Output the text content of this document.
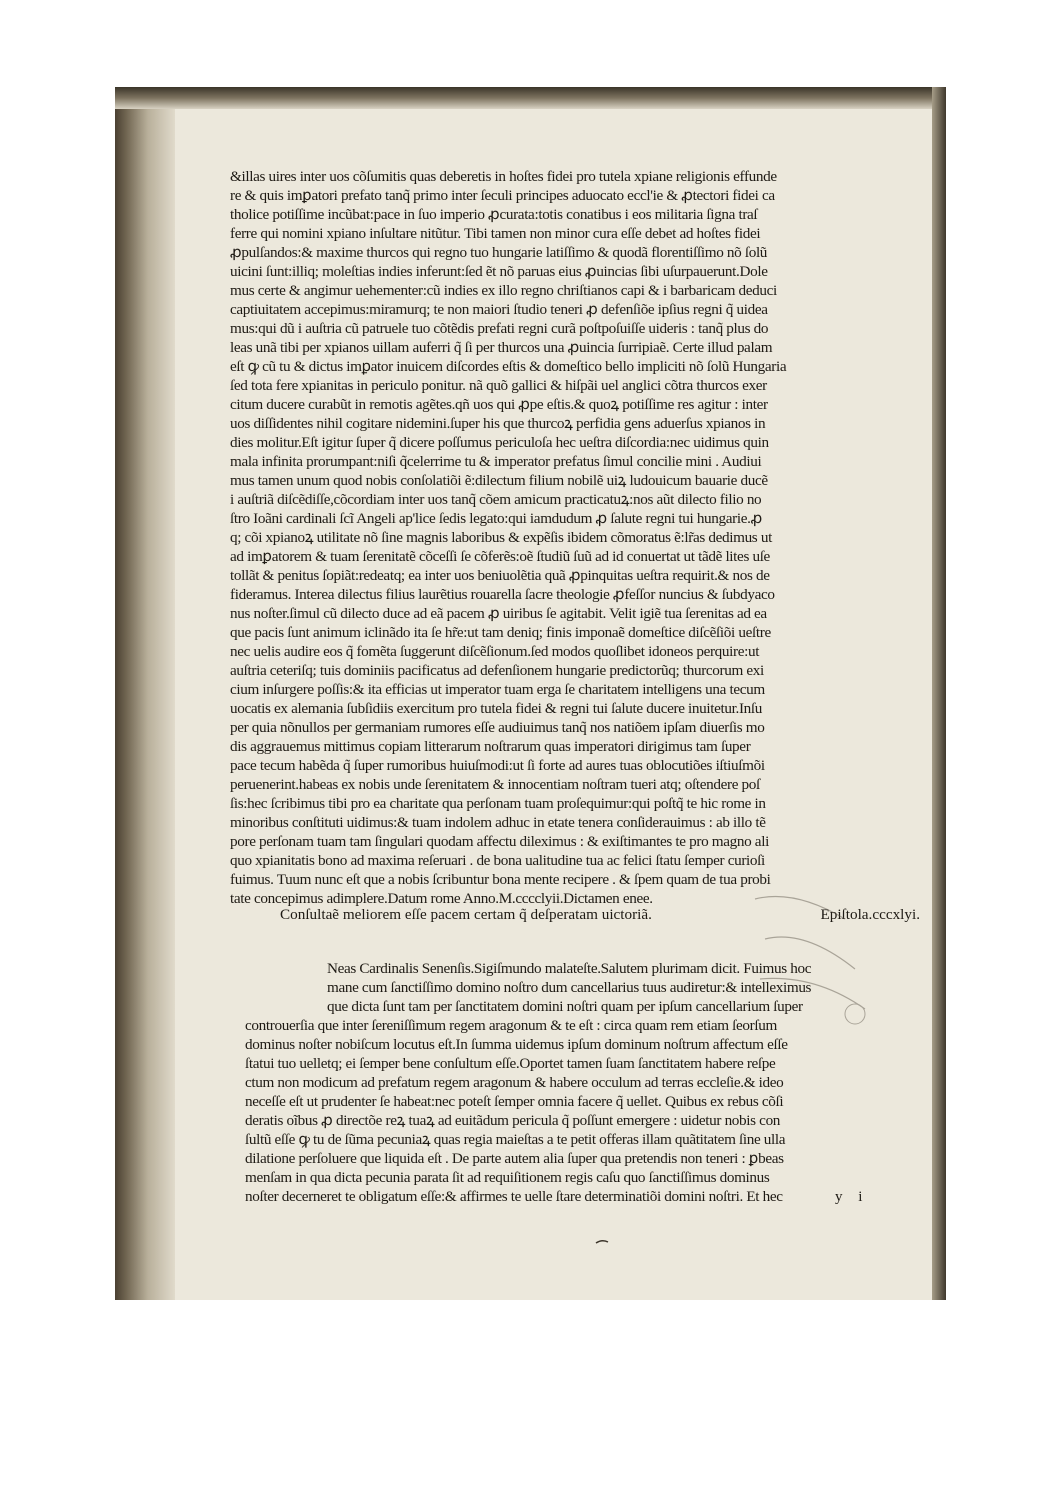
&illas uires inter uos cõſumitis quas deberetis in hoſtes fidei pro tutela xpiane religionis effunde
re & quis imꝑatori prefato tanq̃ primo inter ſeculi principes aduocato eccl'ie & ꝓtectori fidei ca
tholice potiſſime incũbat:pace in ſuo imperio ꝓcurata:totis conatibus i eos militaria ſigna traſ
ferre qui nomini xpiano inſultare nitũtur. Tibi tamen non minor cura eſſe debet ad hoſtes fidei
ꝓpulſandos:& maxime thurcos qui regno tuo hungarie latiſſimo & quodã florentiſſimo nõ ſolũ
uicini ſunt:illiq; moleſtias indies inferunt:ſed ẽt nõ paruas eius ꝓuincias ſibi uſurpauerunt.Dole
mus certe & angimur uehementer:cũ indies ex illo regno chriſtianos capi & i barbaricam deduci
captiuitatem accepimus:miramurq; te non maiori ſtudio teneri ꝓ defenſiõe ipſius regni q̃ uidea
mus:qui dũ i auſtria cũ patruele tuo cõtẽdis prefati regni curã poſtpoſuiſſe uideris : tanq̃ plus do
leas unã tibi per xpianos uillam auferri q̃ ſi per thurcos una ꝓuincia ſurripiaẽ. Certe illud palam
eſt ꝙ cũ tu & dictus imꝑator inuicem diſcordes eſtis & domeſtico bello impliciti nõ ſolũ Hungaria
ſed tota fere xpianitas in periculo ponitur. nã quõ gallici & hiſpãi uel anglici cõtra thurcos exer
citum ducere curabũt in remotis agẽtes.qñ uos qui ꝓpe eſtis.& quoꝝ potiſſime res agitur : inter
uos diſſidentes nihil cogitare nidemini.ſuper his que thurcoꝝ perfidia gens aduerſus xpianos in
dies molitur.Eſt igitur ſuper q̃ dicere poſſumus periculoſa hec ueſtra diſcordia:nec uidimus quin
mala infinita prorumpant:niſi q̃celerrime tu & imperator prefatus ſimul concilie mini . Audiui
mus tamen unum quod nobis conſolatiõi ẽ:dilectum filium nobilẽ uiꝝ ludouicum bauarie ducẽ
i auſtriã diſcẽdiſſe,cõcordiam inter uos tanq̃ cõem amicum practicatuꝝ:nos aũt dilecto filio no
ſtro Ioãni cardinali ſcĩ Angeli ap'lice ſedis legato:qui iamdudum ꝓ ſalute regni tui hungarie.ꝓ
q; cõi xpianoꝝ utilitate nõ ſine magnis laboribus & expẽſis ibidem cõmoratus ẽ:lr̃as dedimus ut
ad imꝑatorem & tuam ſerenitatẽ cõceſſi ſe cõferẽs:oẽ ſtudiũ ſuũ ad id conuertat ut tãdẽ lites uſe
tollãt & penitus ſopiãt:redeatq; ea inter uos beniuolẽtia quã ꝓpinquitas ueſtra requirit.& nos de
fideramus. Interea dilectus filius laurẽtius rouarella ſacre theologie ꝓfeſſor nuncius & ſubdyaco
nus noſter.ſimul cũ dilecto duce ad eã pacem ꝓ uiribus ſe agitabit. Velit igiẽ tua ſerenitas ad ea
que pacis ſunt animum iclinãdo ita ſe hr̃e:ut tam deniq; finis imponaẽ domeſtice diſcẽſiõi ueſtre
nec uelis audire eos q̃ fomẽta ſuggerunt diſcẽſionum.ſed modos quoſlibet idoneos perquire:ut
auſtria ceteriſq; tuis dominiis pacificatus ad defenſionem hungarie predictorũq; thurcorum exi
cium inſurgere poſſis:& ita efficias ut imperator tuam erga ſe charitatem intelligens una tecum
uocatis ex alemania ſubſidiis exercitum pro tutela fidei & regni tui ſalute ducere inuitetur.Inſu
per quia nõnullos per germaniam rumores eſſe audiuimus tanq̃ nos natiõem ipſam diuerſis mo
dis aggrauemus mittimus copiam litterarum noſtrarum quas imperatori dirigimus tam ſuper
pace tecum habẽda q̃ ſuper rumoribus huiuſmodi:ut ſi forte ad aures tuas oblocutiões iſtiuſmõi
peruenerint.habeas ex nobis unde ſerenitatem & innocentiam noſtram tueri atq; oſtendere poſ
ſis:hec ſcribimus tibi pro ea charitate qua perſonam tuam proſequimur:qui poſtq̃ te hic rome in
minoribus conſtituti uidimus:& tuam indolem adhuc in etate tenera conſiderauimus : ab illo tẽ
pore perſonam tuam tam ſingulari quodam affectu dileximus : & exiſtimantes te pro magno ali
quo xpianitatis bono ad maxima reſeruari . de bona ualitudine tua ac felici ſtatu ſemper curioſi
fuimus. Tuum nunc eſt que a nobis ſcribuntur bona mente recipere . & ſpem quam de tua probi
tate concepimus adimplere.Datum rome Anno.M.cccclyii.Dictamen enee.
Conſultaẽ meliorem eſſe pacem certam q̃ deſperatam uictoriã.	Epiſtola.cccxlyi.
Neas Cardinalis Senenſis.Sigiſmundo malateſte.Salutem plurimam dicit. Fuimus hoc
mane cum ſanctiſſimo domino noſtro dum cancellarius tuus audiretur:& intelleximus
que dicta ſunt tam per ſanctitatem domini noſtri quam per ipſum cancellarium ſuper
controuerſia que inter ſereniſſimum regem aragonum & te eſt : circa quam rem etiam ſeorſum
dominus noſter nobiſcum locutus eſt.In ſumma uidemus ipſum dominum noſtrum affectum eſſe
ſtatui tuo uelletq; ei ſemper bene conſultum eſſe.Oportet tamen ſuam ſanctitatem habere reſpe
ctum non modicum ad prefatum regem aragonum & habere occulum ad terras eccleſie.& ideo
neceſſe eſt ut prudenter ſe habeat:nec poteſt ſemper omnia facere q̃ uellet. Quibus ex rebus cõſi
deratis oĩbus ꝓ directõe reꝝ tuaꝝ ad euitãdum pericula q̃ poſſunt emergere : uidetur nobis con
ſultũ eſſe ꝙ tu de ſũma pecuniaꝝ quas regia maieſtas a te petit offeras illam quãtitatem ſine ulla
dilatione perſoluere que liquida eſt . De parte autem alia ſuper qua pretendis non teneri : ꝑbeas
menſam in qua dicta pecunia parata ſit ad requiſitionem regis caſu quo ſanctiſſimus dominus
noſter decerneret te obligatum eſſe:& affirmes te uelle ſtare determinatiõi domini noſtri. Et hec	y i
